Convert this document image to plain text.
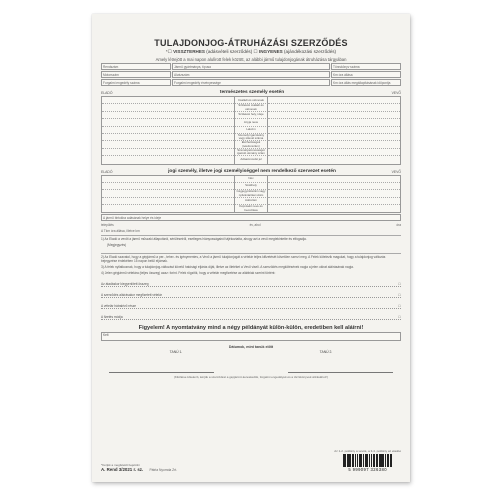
TULAJDONJOG-ÁTRUHÁZÁSI SZERZŐDÉS
*☐ VISSZTERHES (adásvételi szerződés) ☐ INGYENES (ajándékozási szerződés)
Amely létrejött a mai napon alulírott felek között, az alábbi jármű tulajdonjogának átruházása tárgyában
Rendszám	Jármű gyártmánya, típusa	Törzskönyv száma
Motorszám	Alvázszám	Km óra állása
Forgalmi engedély száma	Forgalmi engedély érvényessége	Km óra állás megállapításának időpontja
ELADÓ	természetes személy esetén	VEVŐ
Családi és utónevek
Születési családi és utónevek
Születési hely, ideje
Anyja neve
Lakcím
Személyi igazolvány vagy útlevél száma
Elérhetőségek (telefonszám)
Személyazonosságot igazoló okmány szám
Adóazonosító jel
ELADÓ	jogi személy, illetve jogi személyiséggel nem rendelkező szervezet esetén	VEVŐ
Név
Székhely
Cégjegyzékszám vagy nyilvántartási szám
Adószám
Képviselő neve és beosztása
A jármű birtokba adásának helye és ideje
település	év, ahol	óra
A Tkm óra állása, illetve km
1) Az Eladó a vevőt a jármű műszaki állapotáról, sérüléseiről, esetleges hiányosságairól tájékoztatta, ahogy azt a vevő megtekintette és elfogadja.
(Megjegyzés)
2) Az Eladó szavatol, hogy a gépjármű a per-, teher- és igénymentes, a Vevő a jármű tulajdonjogát a vételár teljes kifizetését követően szerzi meg. A Felek kötelezik magukat, hogy a tulajdonjog változás bejegyzése érdekében 15 napon belül eljárnak.
3) A felek nyilatkoznak, hogy a tulajdonjog-változást követő hatósági eljárás díját, illetve az illetéket a Vevő viseli. A szerződés megkötésének napja a jelen okirat aláírásának napja.
4) Jelen gépjármű vételára (teljes összeg) azaz: forint. Felek rögzítik, hogy a vételár megfizetése az alábbiak szerint történt:
Az átadáskor kiegyenlített összeg	☐
A szerződés aláírásakor megfizetett vételár	☐
A vételár hátralévő része	☐
A fizetés módja	☐
Figyelem! A nyomtatvány mind a négy példányát külön-külön, eredetiben kell aláírni!
Kelt
Dátumok, mint tanúk előtt
TANÚ 1.	TANÚ 2.
(Kitöltése kötelező, kérjük a szerződést a gépjármű-kereskedők, forgalmi engedélyek és a törzskönyvek átírásához!)
*Kérjük a megfelelőt bejelölni
A. Rend 3/2021 r. sz. Pátria Nyomda Zrt.
Az 1-2. példány a vevőé, a 3-4. példány az eladóé
5 999097 326380
